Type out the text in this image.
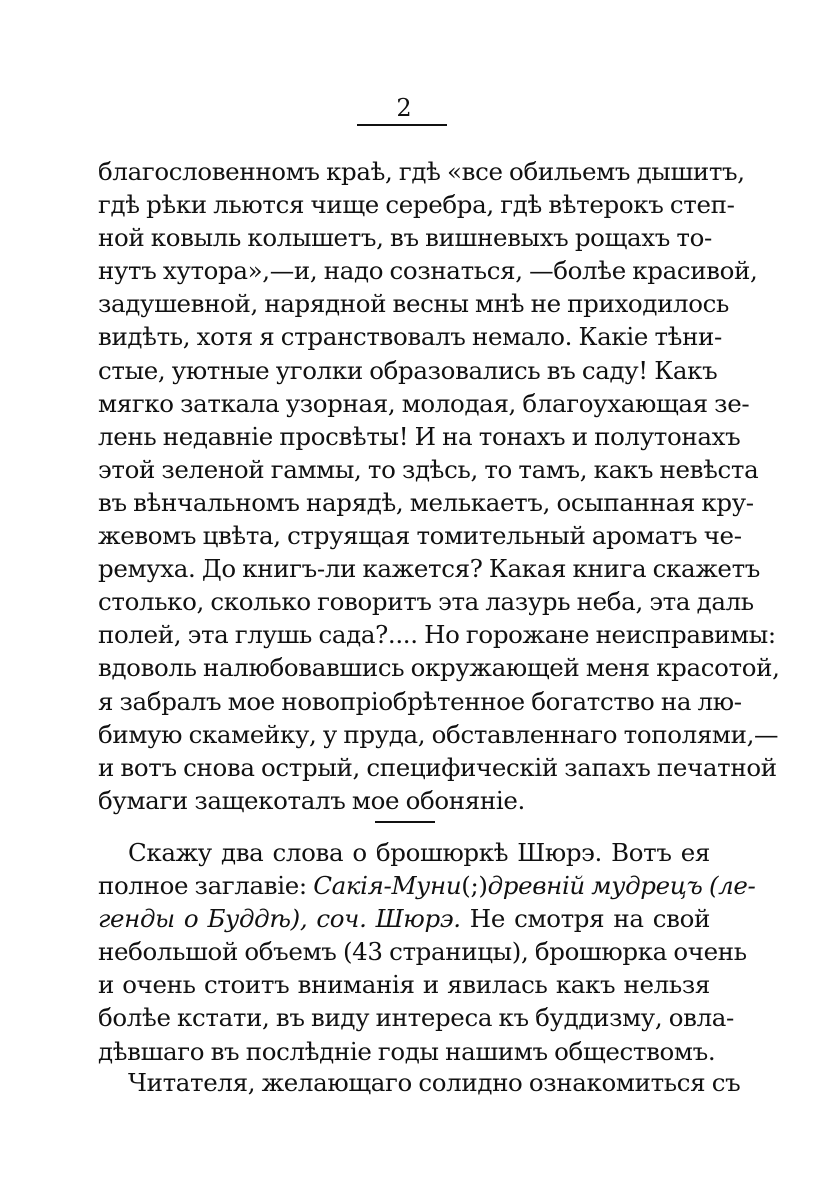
2
благословенномъ краѣ, гдѣ «все обильемъ дышитъ,
гдѣ рѣки льются чище серебра, гдѣ вѣтерокъ степ-
ной ковыль колышетъ, въ вишневыхъ рощахъ то-
нутъ хутора»,—и, надо сознаться, —болѣе красивой,
задушевной, нарядной весны мнѣ не приходилось
видѣть, хотя я странствовалъ немало. Какіе тѣни-
стые, уютные уголки образовались въ саду! Какъ
мягко заткала узорная, молодая, благоухающая зе-
лень недавніе просвѣты! И на тонахъ и полутонахъ
этой зеленой гаммы, то здѣсь, то тамъ, какъ невѣста
въ вѣнчальномъ нарядѣ, мелькаетъ, осыпанная кру-
жевомъ цвѣта, струящая томительный ароматъ че-
ремуха. До книгъ-ли кажется? Какая книга скажетъ
столько, сколько говоритъ эта лазурь неба, эта даль
полей, эта глушь сада?.... Но горожане неисправимы:
вдоволь налюбовавшись окружающей меня красотой,
я забралъ мое новопріобрѣтенное богатство на лю-
бимую скамейку, у пруда, обставленнаго тополями,—
и вотъ снова острый, специфическій запахъ печатной
бумаги защекоталъ мое обоняніе.
Скажу два слова о брошюркѣ Шюрэ. Вотъ ея
полное заглавіе: Сакія-Муни(;)древній мудрецъ (ле-
генды о Буддѣ), соч. Шюрэ. Не смотря на свой
небольшой объемъ (43 страницы), брошюрка очень
и очень стоитъ вниманія и явилась какъ нельзя
болѣе кстати, въ виду интереса къ буддизму, овла-
дѣвшаго въ послѣдніе годы нашимъ обществомъ.
Читателя, желающаго солидно ознакомиться съ
